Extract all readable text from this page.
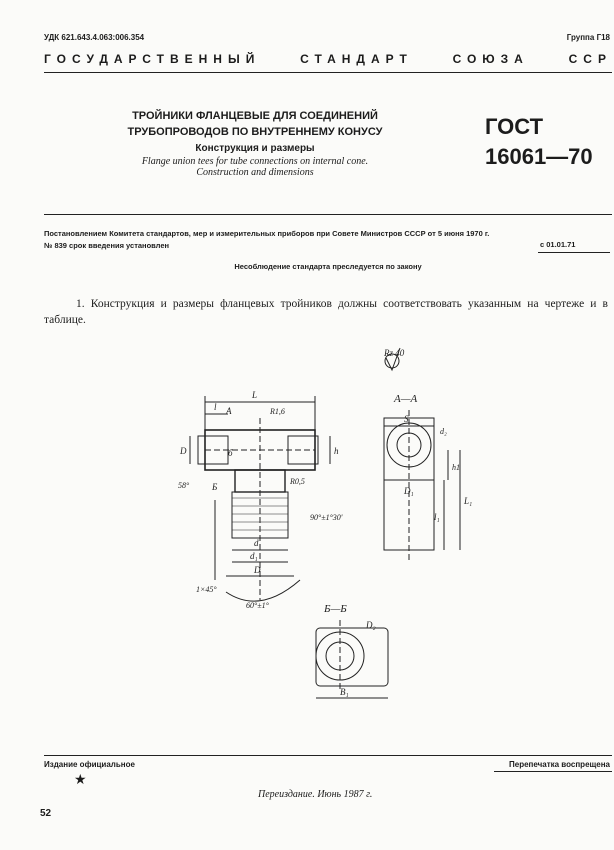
УДК 621.643.4.063:006.354	Группа Г18
ГОСУДАРСТВЕННЫЙ	СТАНДАРТ	СОЮЗА	ССР
ТРОЙНИКИ ФЛАНЦЕВЫЕ ДЛЯ СОЕДИНЕНИЙ
ТРУБОПРОВОДОВ ПО ВНУТРЕННЕМУ КОНУСУ
Конструкция и размеры
Flange union tees for tube connections on internal cone.
Construction and dimensions
ГОСТ
16061—70
Постановлением Комитета стандартов, мер и измерительных приборов при Совете Министров СССР от 5 июня 1970 г.
№ 839 срок введения установлен	с 01.01.71
Несоблюдение стандарта преследуется по закону
1. Конструкция и размеры фланцевых тройников должны соответствовать указанным на чертеже и в таблице.
Rz 40
А—А
Б—Б
L
l А	R1,6
D	h
б
Б
58°	R0,5
90°±1°30'
d
d₁
D
1×45°
60°±1°
h1
S
D₁
d₂
L₁
l₁
D₂
B₁
Издание официальное	Перепечатка воспрещена
★
Переиздание. Июнь 1987 г.
52
